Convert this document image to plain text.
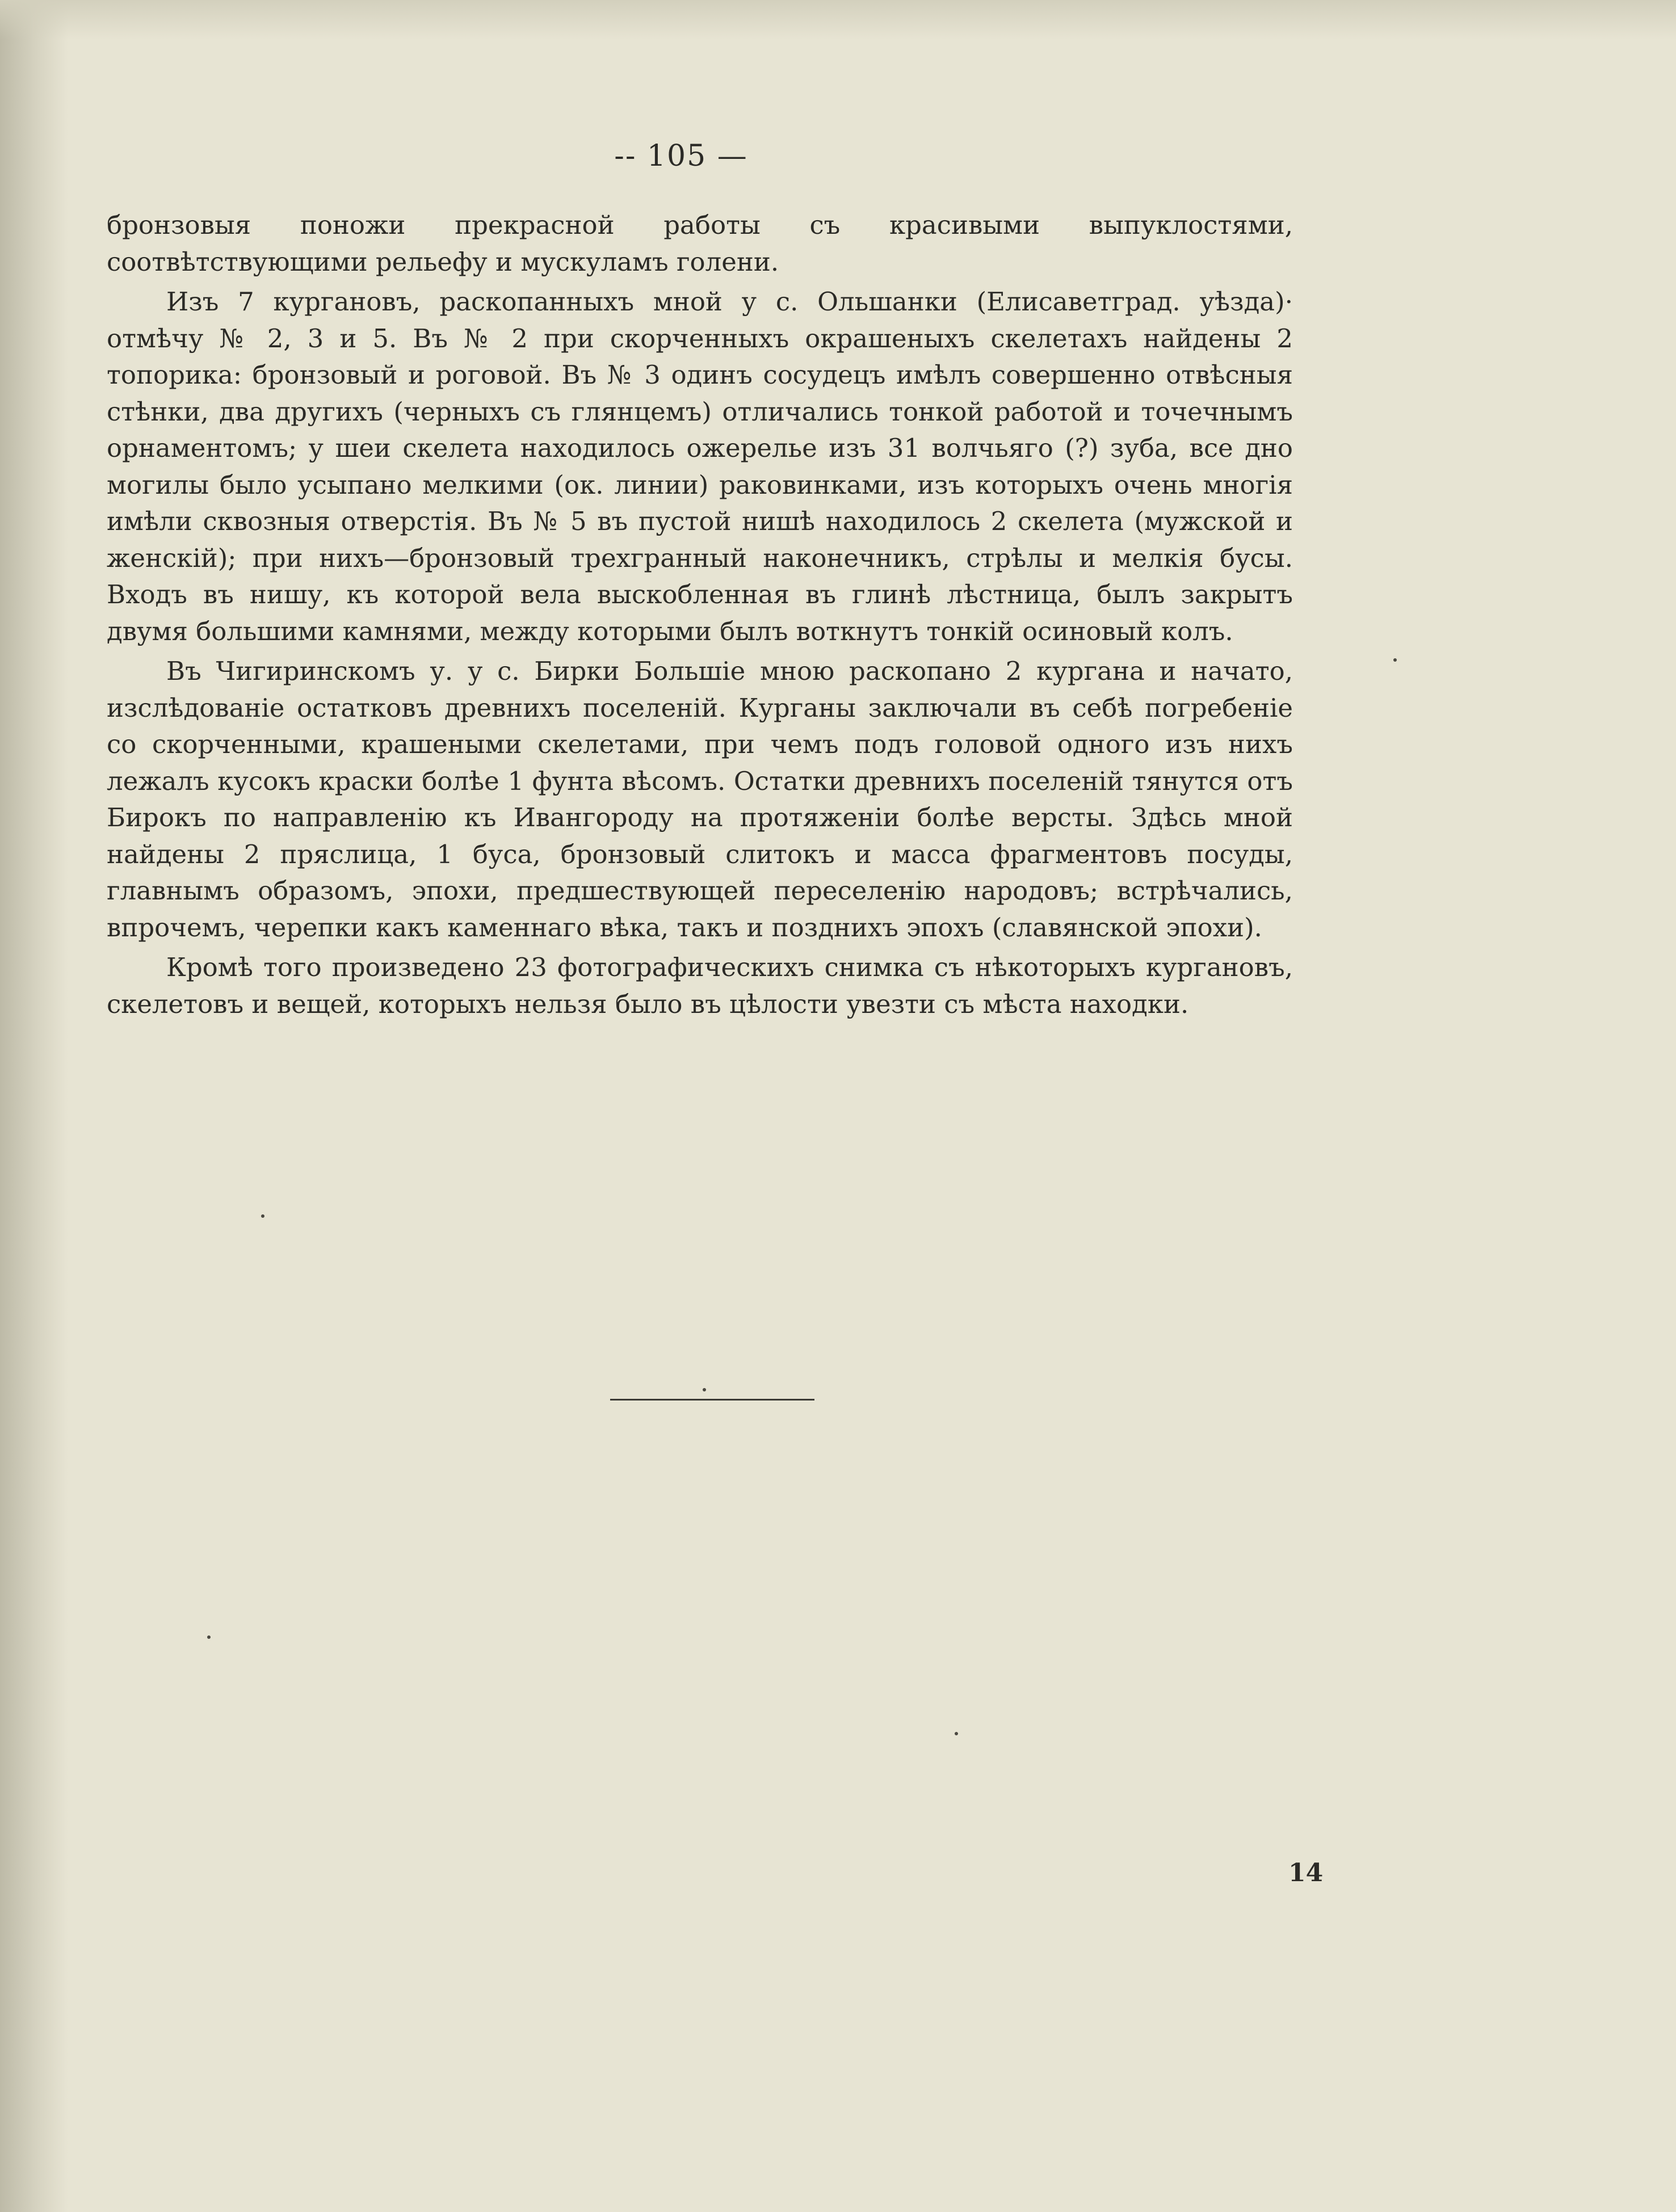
-- 105 —

бронзовыя поножи прекрасной работы съ красивыми выпуклостями, соотвѣтствующими рельефу и мускуламъ голени.

Изъ 7 кургановъ, раскопанныхъ мной у с. Ольшанки (Елисаветград. уѣзда)· отмѣчу № 2, 3 и 5. Въ № 2 при скорченныхъ окрашеныхъ скелетахъ найдены 2 топорика: бронзовый и роговой. Въ № 3 одинъ сосудецъ имѣлъ совершенно отвѣсныя стѣнки, два другихъ (черныхъ съ глянцемъ) отличались тонкой работой и точечнымъ орнаментомъ; у шеи скелета находилось ожерелье изъ 31 волчьяго (?) зуба, все дно могилы было усыпано мелкими (ок. линии) раковинками, изъ которыхъ очень многія имѣли сквозныя отверстія. Въ № 5 въ пустой нишѣ находилось 2 скелета (мужской и женскій); при нихъ—бронзовый трехгранный наконечникъ, стрѣлы и мелкія бусы. Входъ въ нишу, къ которой вела выскобленная въ глинѣ лѣстница, былъ закрытъ двумя большими камнями, между которыми былъ воткнутъ тонкій осиновый колъ.

Въ Чигиринскомъ у. у с. Бирки Большіе мною раскопано 2 кургана и начато, изслѣдованіе остатковъ древнихъ поселеній. Курганы заключали въ себѣ погребеніе со скорченными, крашеными скелетами, при чемъ подъ головой одного изъ нихъ лежалъ кусокъ краски болѣе 1 фунта вѣсомъ. Остатки древнихъ поселеній тянутся отъ Бирокъ по направленію къ Ивангороду на протяженіи болѣе версты. Здѣсь мной найдены 2 пряслица, 1 буса, бронзовый слитокъ и масса фрагментовъ посуды, главнымъ образомъ, эпохи, предшествующей переселенію народовъ; встрѣчались, впрочемъ, черепки какъ каменнаго вѣка, такъ и позднихъ эпохъ (славянской эпохи).

Кромѣ того произведено 23 фотографическихъ снимка съ нѣкоторыхъ кургановъ, скелетовъ и вещей, которыхъ нельзя было въ цѣлости увезти съ мѣста находки.

14
